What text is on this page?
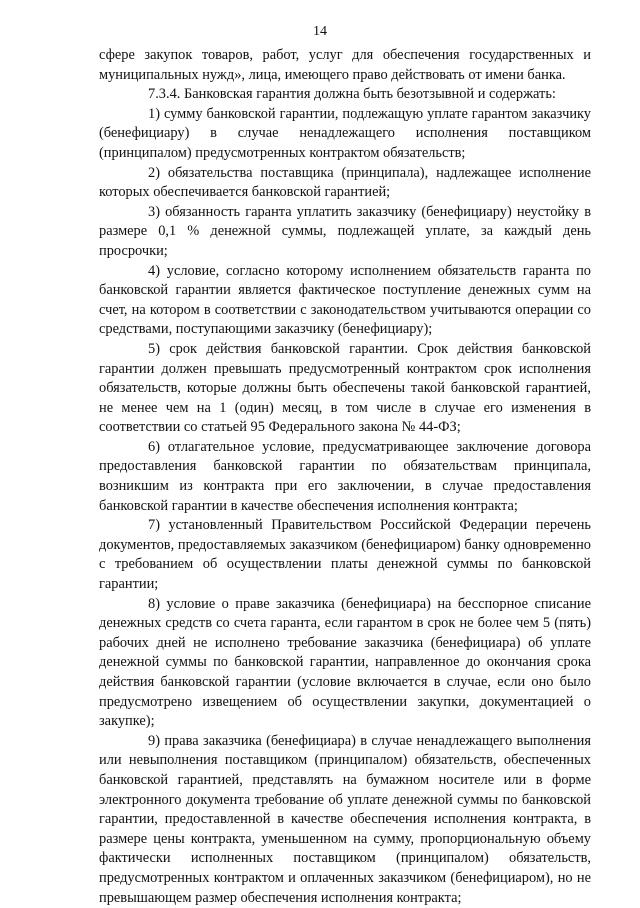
14

сфере закупок товаров, работ, услуг для обеспечения государственных и муниципальных нужд», лица, имеющего право действовать от имени банка.

7.3.4. Банковская гарантия должна быть безотзывной и содержать:

1) сумму банковской гарантии, подлежащую уплате гарантом заказчику (бенефициару) в случае ненадлежащего исполнения поставщиком (принципалом) предусмотренных контрактом обязательств;

2) обязательства поставщика (принципала), надлежащее исполнение которых обеспечивается банковской гарантией;

3) обязанность гаранта уплатить заказчику (бенефициару) неустойку в размере 0,1 % денежной суммы, подлежащей уплате, за каждый день просрочки;

4) условие, согласно которому исполнением обязательств гаранта по банковской гарантии является фактическое поступление денежных сумм на счет, на котором в соответствии с законодательством учитываются операции со средствами, поступающими заказчику (бенефициару);

5) срок действия банковской гарантии. Срок действия банковской гарантии должен превышать предусмотренный контрактом срок исполнения обязательств, которые должны быть обеспечены такой банковской гарантией, не менее чем на 1 (один) месяц, в том числе в случае его изменения в соответствии со статьей 95 Федерального закона № 44-ФЗ;

6) отлагательное условие, предусматривающее заключение договора предоставления банковской гарантии по обязательствам принципала, возникшим из контракта при его заключении, в случае предоставления банковской гарантии в качестве обеспечения исполнения контракта;

7) установленный Правительством Российской Федерации перечень документов, предоставляемых заказчиком (бенефициаром) банку одновременно с требованием об осуществлении платы денежной суммы по банковской гарантии;

8) условие о праве заказчика (бенефициара) на бесспорное списание денежных средств со счета гаранта, если гарантом в срок не более чем 5 (пять) рабочих дней не исполнено требование заказчика (бенефициара) об уплате денежной суммы по банковской гарантии, направленное до окончания срока действия банковской гарантии (условие включается в случае, если оно было предусмотрено извещением об осуществлении закупки, документацией о закупке);

9) права заказчика (бенефициара) в случае ненадлежащего выполнения или невыполнения поставщиком (принципалом) обязательств, обеспеченных банковской гарантией, представлять на бумажном носителе или в форме электронного документа требование об уплате денежной суммы по банковской гарантии, предоставленной в качестве обеспечения исполнения контракта, в размере цены контракта, уменьшенном на сумму, пропорциональную объему фактически исполненных поставщиком (принципалом) обязательств, предусмотренных контрактом и оплаченных заказчиком (бенефициаром), но не превышающем размер обеспечения исполнения контракта;
